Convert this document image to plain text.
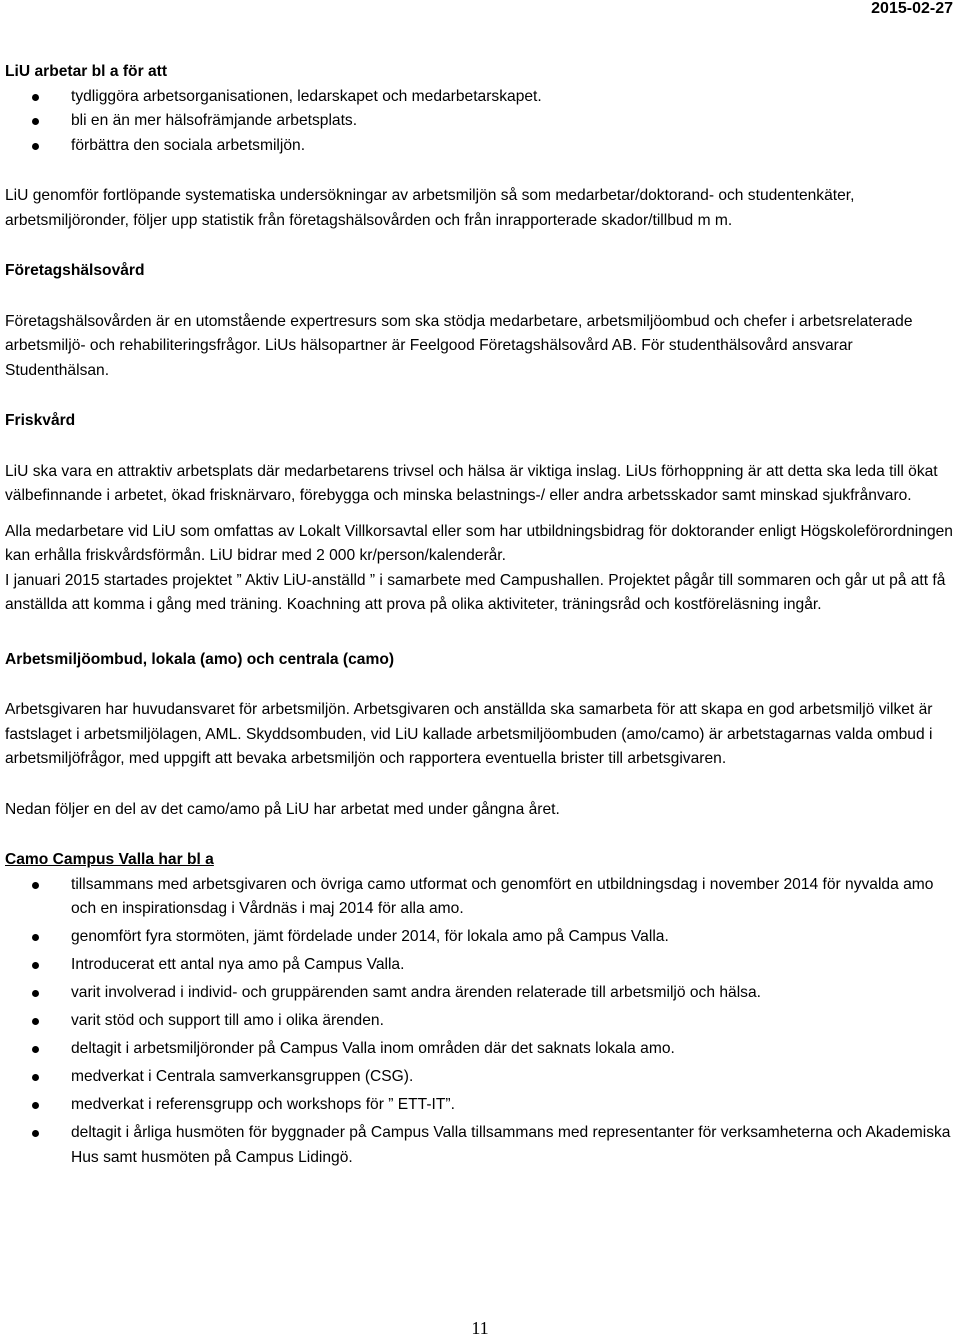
2015-02-27

LiU arbetar bl a för att

tydliggöra arbetsorganisationen, ledarskapet och medarbetarskapet.
bli en än mer hälsofrämjande arbetsplats.
förbättra den sociala arbetsmiljön.

LiU genomför fortlöpande systematiska undersökningar av arbetsmiljön så som medarbetar/doktorand- och studentenkäter, arbetsmiljöronder, följer upp statistik från företagshälsovården och från inrapporterade skador/tillbud m m.

Företagshälsovård

Företagshälsovården är en utomstående expertresurs som ska stödja medarbetare, arbetsmiljöombud och chefer i arbetsrelaterade arbetsmiljö- och rehabiliteringsfrågor. LiUs hälsopartner är Feelgood Företagshälsovård AB. För studenthälsovård ansvarar Studenthälsan.

Friskvård

LiU ska vara en attraktiv arbetsplats där medarbetarens trivsel och hälsa är viktiga inslag. LiUs förhoppning är att detta ska leda till ökat välbefinnande i arbetet, ökad frisknärvaro, förebygga och minska belastnings-/ eller andra arbetsskador samt minskad sjukfrånvaro.

Alla medarbetare vid LiU som omfattas av Lokalt Villkorsavtal eller som har utbildningsbidrag för doktorander enligt Högskoleförordningen kan erhålla friskvårdsförmån. LiU bidrar med 2 000 kr/person/kalenderår.

I januari 2015 startades projektet ” Aktiv LiU-anställd ” i samarbete med Campushallen. Projektet pågår till sommaren och går ut på att få anställda att komma i gång med träning. Koachning att prova på olika aktiviteter, träningsråd och kostföreläsning ingår.

Arbetsmiljöombud, lokala (amo) och centrala (camo)

Arbetsgivaren har huvudansvaret för arbetsmiljön. Arbetsgivaren och anställda ska samarbeta för att skapa en god arbetsmiljö vilket är fastslaget i arbetsmiljölagen, AML. Skyddsombuden, vid LiU kallade arbetsmiljöombuden (amo/camo) är arbetstagarnas valda ombud i arbetsmiljöfrågor, med uppgift att bevaka arbetsmiljön och rapportera eventuella brister till arbetsgivaren.

Nedan följer en del av det camo/amo på LiU har arbetat med under gångna året.

Camo Campus Valla har bl a

tillsammans med arbetsgivaren och övriga camo utformat och genomfört en utbildningsdag i november 2014 för nyvalda amo och en inspirationsdag i Vårdnäs i maj 2014 för alla amo.
genomfört fyra stormöten, jämt fördelade under 2014, för lokala amo på Campus Valla.
Introducerat ett antal nya amo på Campus Valla.
varit involverad i individ- och gruppärenden samt andra ärenden relaterade till arbetsmiljö och hälsa.
varit stöd och support till amo i olika ärenden.
deltagit i arbetsmiljöronder på Campus Valla inom områden där det saknats lokala amo.
medverkat i Centrala samverkansgruppen (CSG).
medverkat i referensgrupp och workshops för ” ETT-IT”.
deltagit i årliga husmöten för byggnader på Campus Valla tillsammans med representanter för verksamheterna och Akademiska Hus samt husmöten på Campus Lidingö.
11
